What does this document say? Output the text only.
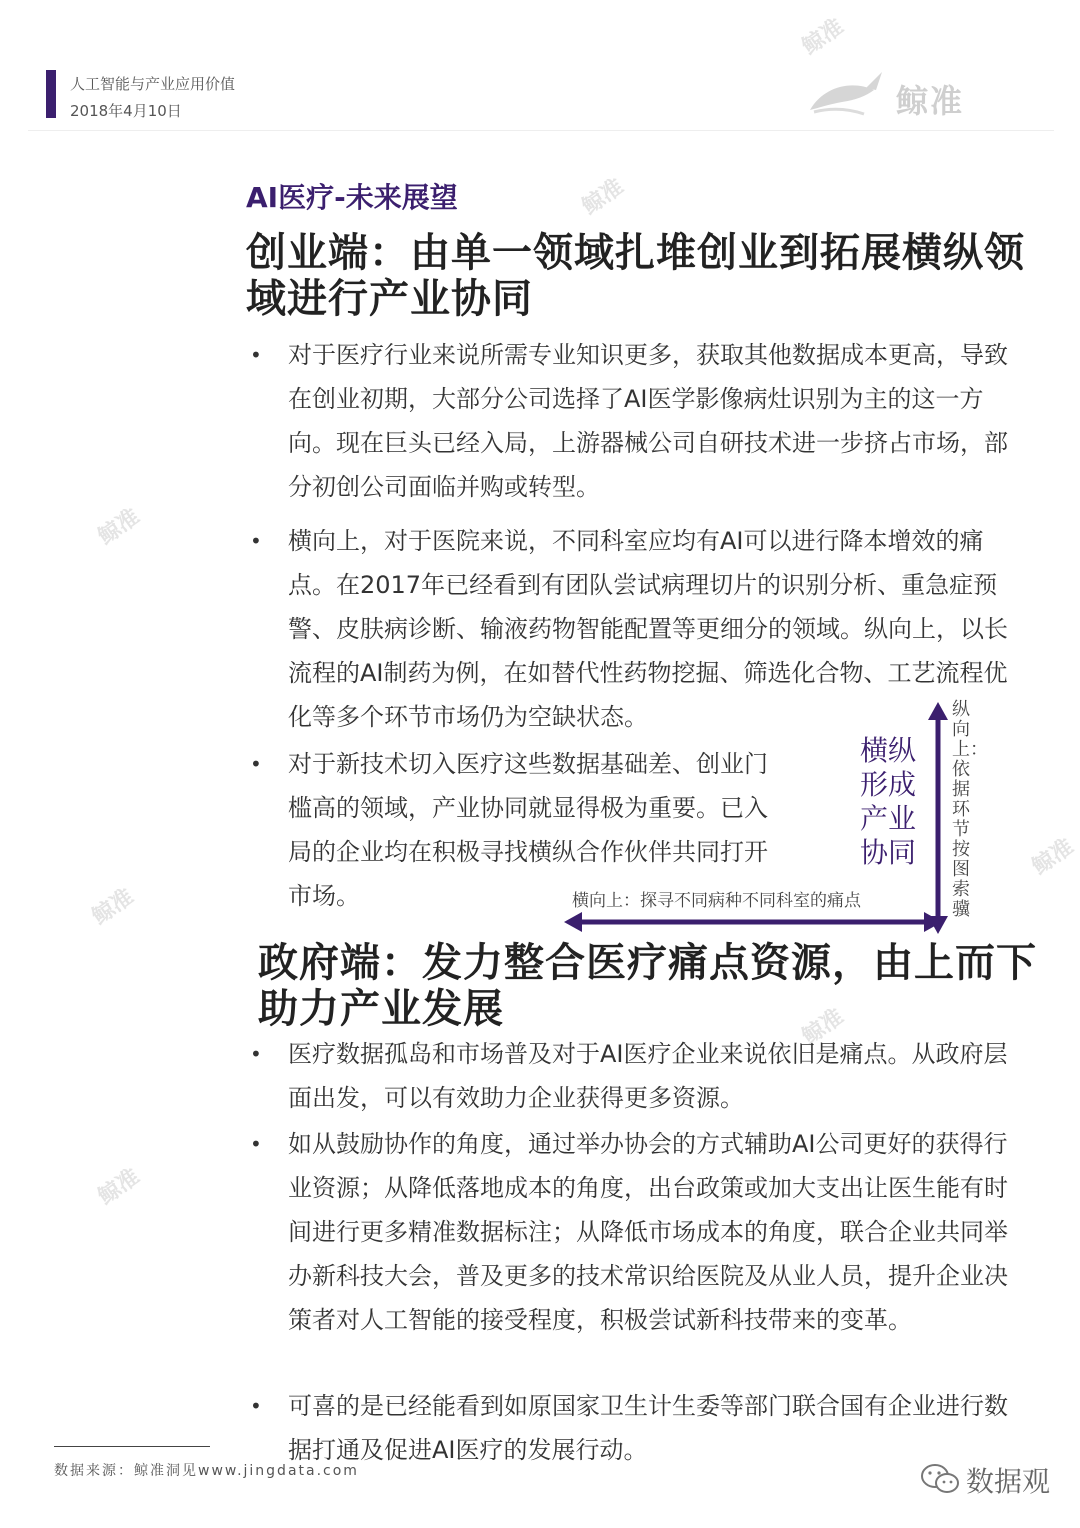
人工智能与产业应用价值
2018年4月10日	鲸准
鲸准
鲸准
鲸准
鲸准
鲸准
鲸准
鲸准
AI医疗-未来展望
创业端：由单一领域扎堆创业到拓展横纵领域进行产业协同
• 对于医疗行业来说所需专业知识更多，获取其他数据成本更高，导致在创业初期，大部分公司选择了AI医学影像病灶识别为主的这一方向。现在巨头已经入局，上游器械公司自研技术进一步挤占市场，部分初创公司面临并购或转型。
• 横向上，对于医院来说，不同科室应均有AI可以进行降本增效的痛点。在2017年已经看到有团队尝试病理切片的识别分析、重急症预警、皮肤病诊断、输液药物智能配置等更细分的领域。纵向上，以长流程的AI制药为例，在如替代性药物挖掘、筛选化合物、工艺流程优化等多个环节市场仍为空缺状态。
• 对于新技术切入医疗这些数据基础差、创业门槛高的领域，产业协同就显得极为重要。已入局的企业均在积极寻找横纵合作伙伴共同打开市场。
横纵形成产业协同
横向上：探寻不同病种不同科室的痛点
纵向上：依据环节按图索骥
政府端：发力整合医疗痛点资源，由上而下助力产业发展
• 医疗数据孤岛和市场普及对于AI医疗企业来说依旧是痛点。从政府层面出发，可以有效助力企业获得更多资源。
• 如从鼓励协作的角度，通过举办协会的方式辅助AI公司更好的获得行业资源；从降低落地成本的角度，出台政策或加大支出让医生能有时间进行更多精准数据标注；从降低市场成本的角度，联合企业共同举办新科技大会，普及更多的技术常识给医院及从业人员，提升企业决策者对人工智能的接受程度，积极尝试新科技带来的变革。
• 可喜的是已经能看到如原国家卫生计生委等部门联合国有企业进行数据打通及促进AI医疗的发展行动。
数据来源：鲸准洞见www.jingdata.com	数据观
